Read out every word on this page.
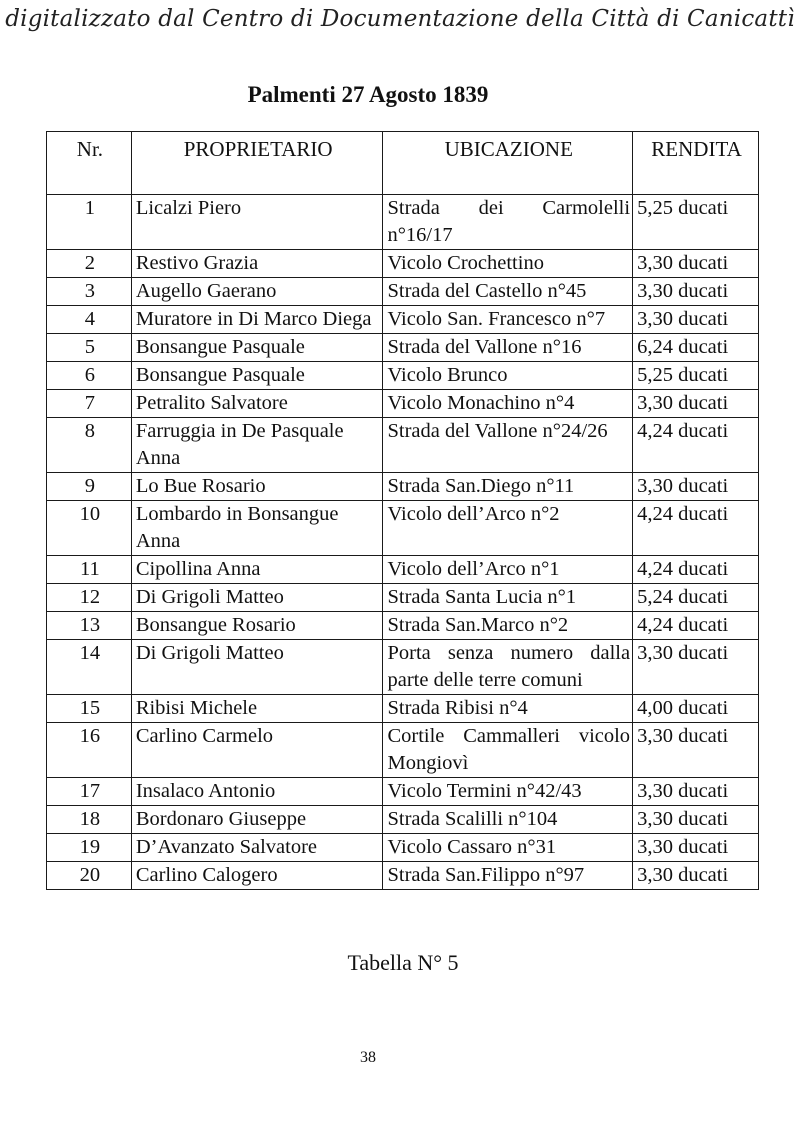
digitalizzato dal Centro di Documentazione della Città di Canicattì
Palmenti 27 Agosto 1839
Nr.	PROPRIETARIO	UBICAZIONE	RENDITA
1	Licalzi Piero	Strada dei Carmolelli n°16/17	5,25 ducati
2	Restivo Grazia	Vicolo Crochettino	3,30 ducati
3	Augello Gaerano	Strada del Castello n°45	3,30 ducati
4	Muratore in Di Marco Diega	Vicolo San. Francesco n°7	3,30 ducati
5	Bonsangue Pasquale	Strada del Vallone n°16	6,24 ducati
6	Bonsangue Pasquale	Vicolo Brunco	5,25 ducati
7	Petralito Salvatore	Vicolo Monachino n°4	3,30 ducati
8	Farruggia in De Pasquale Anna	Strada del Vallone n°24/26	4,24 ducati
9	Lo Bue Rosario	Strada San.Diego n°11	3,30 ducati
10	Lombardo in Bonsangue Anna	Vicolo dell’Arco n°2	4,24 ducati
11	Cipollina Anna	Vicolo dell’Arco n°1	4,24 ducati
12	Di Grigoli Matteo	Strada Santa Lucia n°1	5,24 ducati
13	Bonsangue Rosario	Strada San.Marco n°2	4,24 ducati
14	Di Grigoli Matteo	Porta senza numero dalla parte delle terre comuni	3,30 ducati
15	Ribisi Michele	Strada Ribisi n°4	4,00 ducati
16	Carlino Carmelo	Cortile Cammalleri vicolo Mongiovì	3,30 ducati
17	Insalaco Antonio	Vicolo Termini n°42/43	3,30 ducati
18	Bordonaro Giuseppe	Strada Scalilli n°104	3,30 ducati
19	D’Avanzato Salvatore	Vicolo Cassaro n°31	3,30 ducati
20	Carlino Calogero	Strada San.Filippo n°97	3,30 ducati
Tabella N° 5
38
